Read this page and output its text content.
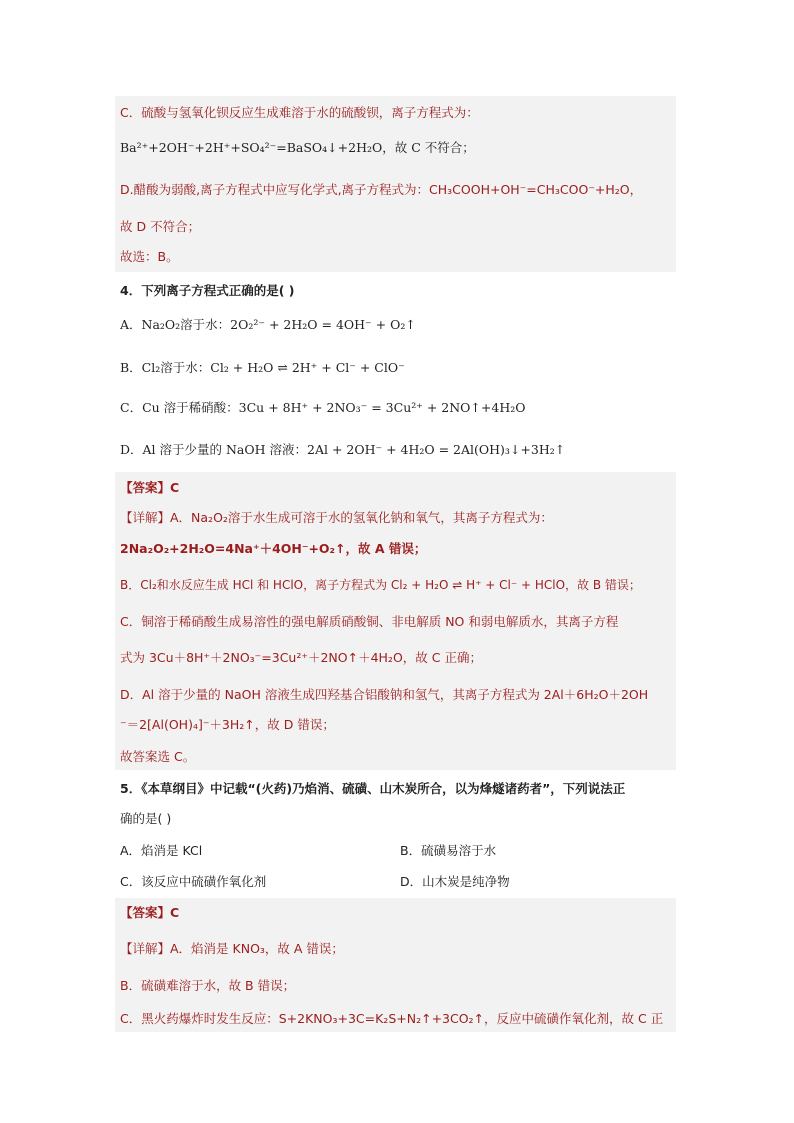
C．硫酸与氢氧化钡反应生成难溶于水的硫酸钡，离子方程式为：
Ba²⁺+2OH⁻+2H⁺+SO₄²⁻=BaSO₄↓+2H₂O，故 C 不符合；
D.醋酸为弱酸,离子方程式中应写化学式,离子方程式为：CH₃COOH+OH⁻=CH₃COO⁻+H₂O，
故 D 不符合；
故选：B。
4．下列离子方程式正确的是( )
A．Na₂O₂溶于水：2O₂²⁻ + 2H₂O = 4OH⁻ + O₂↑
B．Cl₂溶于水：Cl₂ + H₂O ⇌ 2H⁺ + Cl⁻ + ClO⁻
C．Cu 溶于稀硝酸：3Cu + 8H⁺ + 2NO₃⁻ = 3Cu²⁺ + 2NO↑+4H₂O
D．Al 溶于少量的 NaOH 溶液：2Al + 2OH⁻ + 4H₂O = 2Al(OH)₃↓+3H₂↑
【答案】C
【详解】A．Na₂O₂溶于水生成可溶于水的氢氧化钠和氧气，其离子方程式为：
2Na₂O₂+2H₂O=4Na⁺＋4OH⁻+O₂↑，故 A 错误；
B．Cl₂和水反应生成 HCl 和 HClO，离子方程式为 Cl₂ + H₂O ⇌ H⁺ + Cl⁻ + HClO，故 B 错误；
C．铜溶于稀硝酸生成易溶性的强电解质硝酸铜、非电解质 NO 和弱电解质水，其离子方程
式为 3Cu＋8H⁺＋2NO₃⁻=3Cu²⁺＋2NO↑＋4H₂O，故 C 正确；
D．Al 溶于少量的 NaOH 溶液生成四羟基合铝酸钠和氢气，其离子方程式为 2Al＋6H₂O＋2OH
⁻＝2[Al(OH)₄]⁻＋3H₂↑，故 D 错误；
故答案选 C。
5．《本草纲目》中记载“(火药)乃焰消、硫磺、山木炭所合，以为烽燧诸药者”，下列说法正
确的是( )
A．焰消是 KCl	B．硫磺易溶于水
C．该反应中硫磺作氧化剂	D．山木炭是纯净物
【答案】C
【详解】A．焰消是 KNO₃，故 A 错误；
B．硫磺难溶于水，故 B 错误；
C．黑火药爆炸时发生反应：S+2KNO₃+3C=K₂S+N₂↑+3CO₂↑，反应中硫磺作氧化剂，故 C 正
